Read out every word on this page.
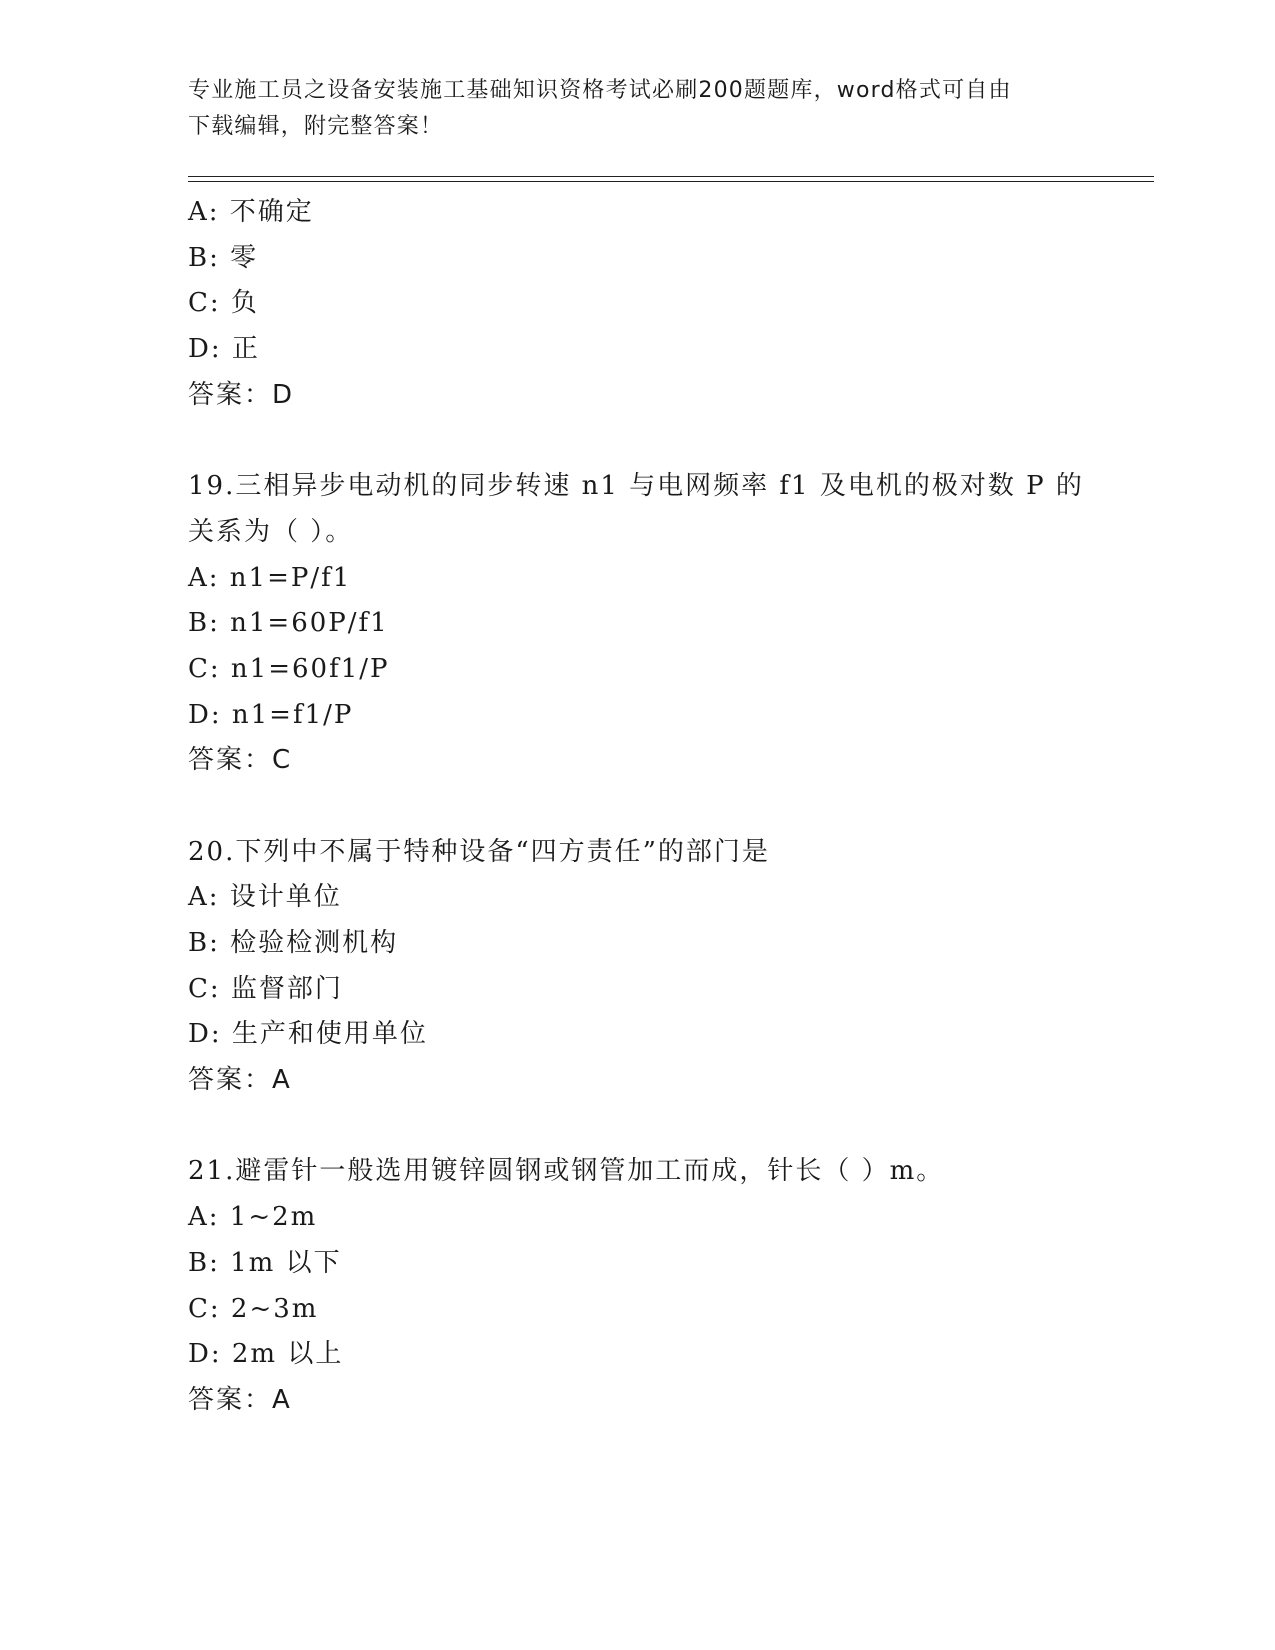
专业施工员之设备安装施工基础知识资格考试必刷200题题库，word格式可自由
下载编辑，附完整答案！
A: 不确定
B: 零
C: 负
D: 正
答案：D
19.三相异步电动机的同步转速 n1 与电网频率 f1 及电机的极对数 P 的
关系为（ ）。
A: n1=P/f1
B: n1=60P/f1
C: n1=60f1/P
D: n1=f1/P
答案：C
20.下列中不属于特种设备“四方责任”的部门是
A: 设计单位
B: 检验检测机构
C: 监督部门
D: 生产和使用单位
答案：A
21.避雷针一般选用镀锌圆钢或钢管加工而成，针长（ ）m。
A: 1~2m
B: 1m 以下
C: 2~3m
D: 2m 以上
答案：A
